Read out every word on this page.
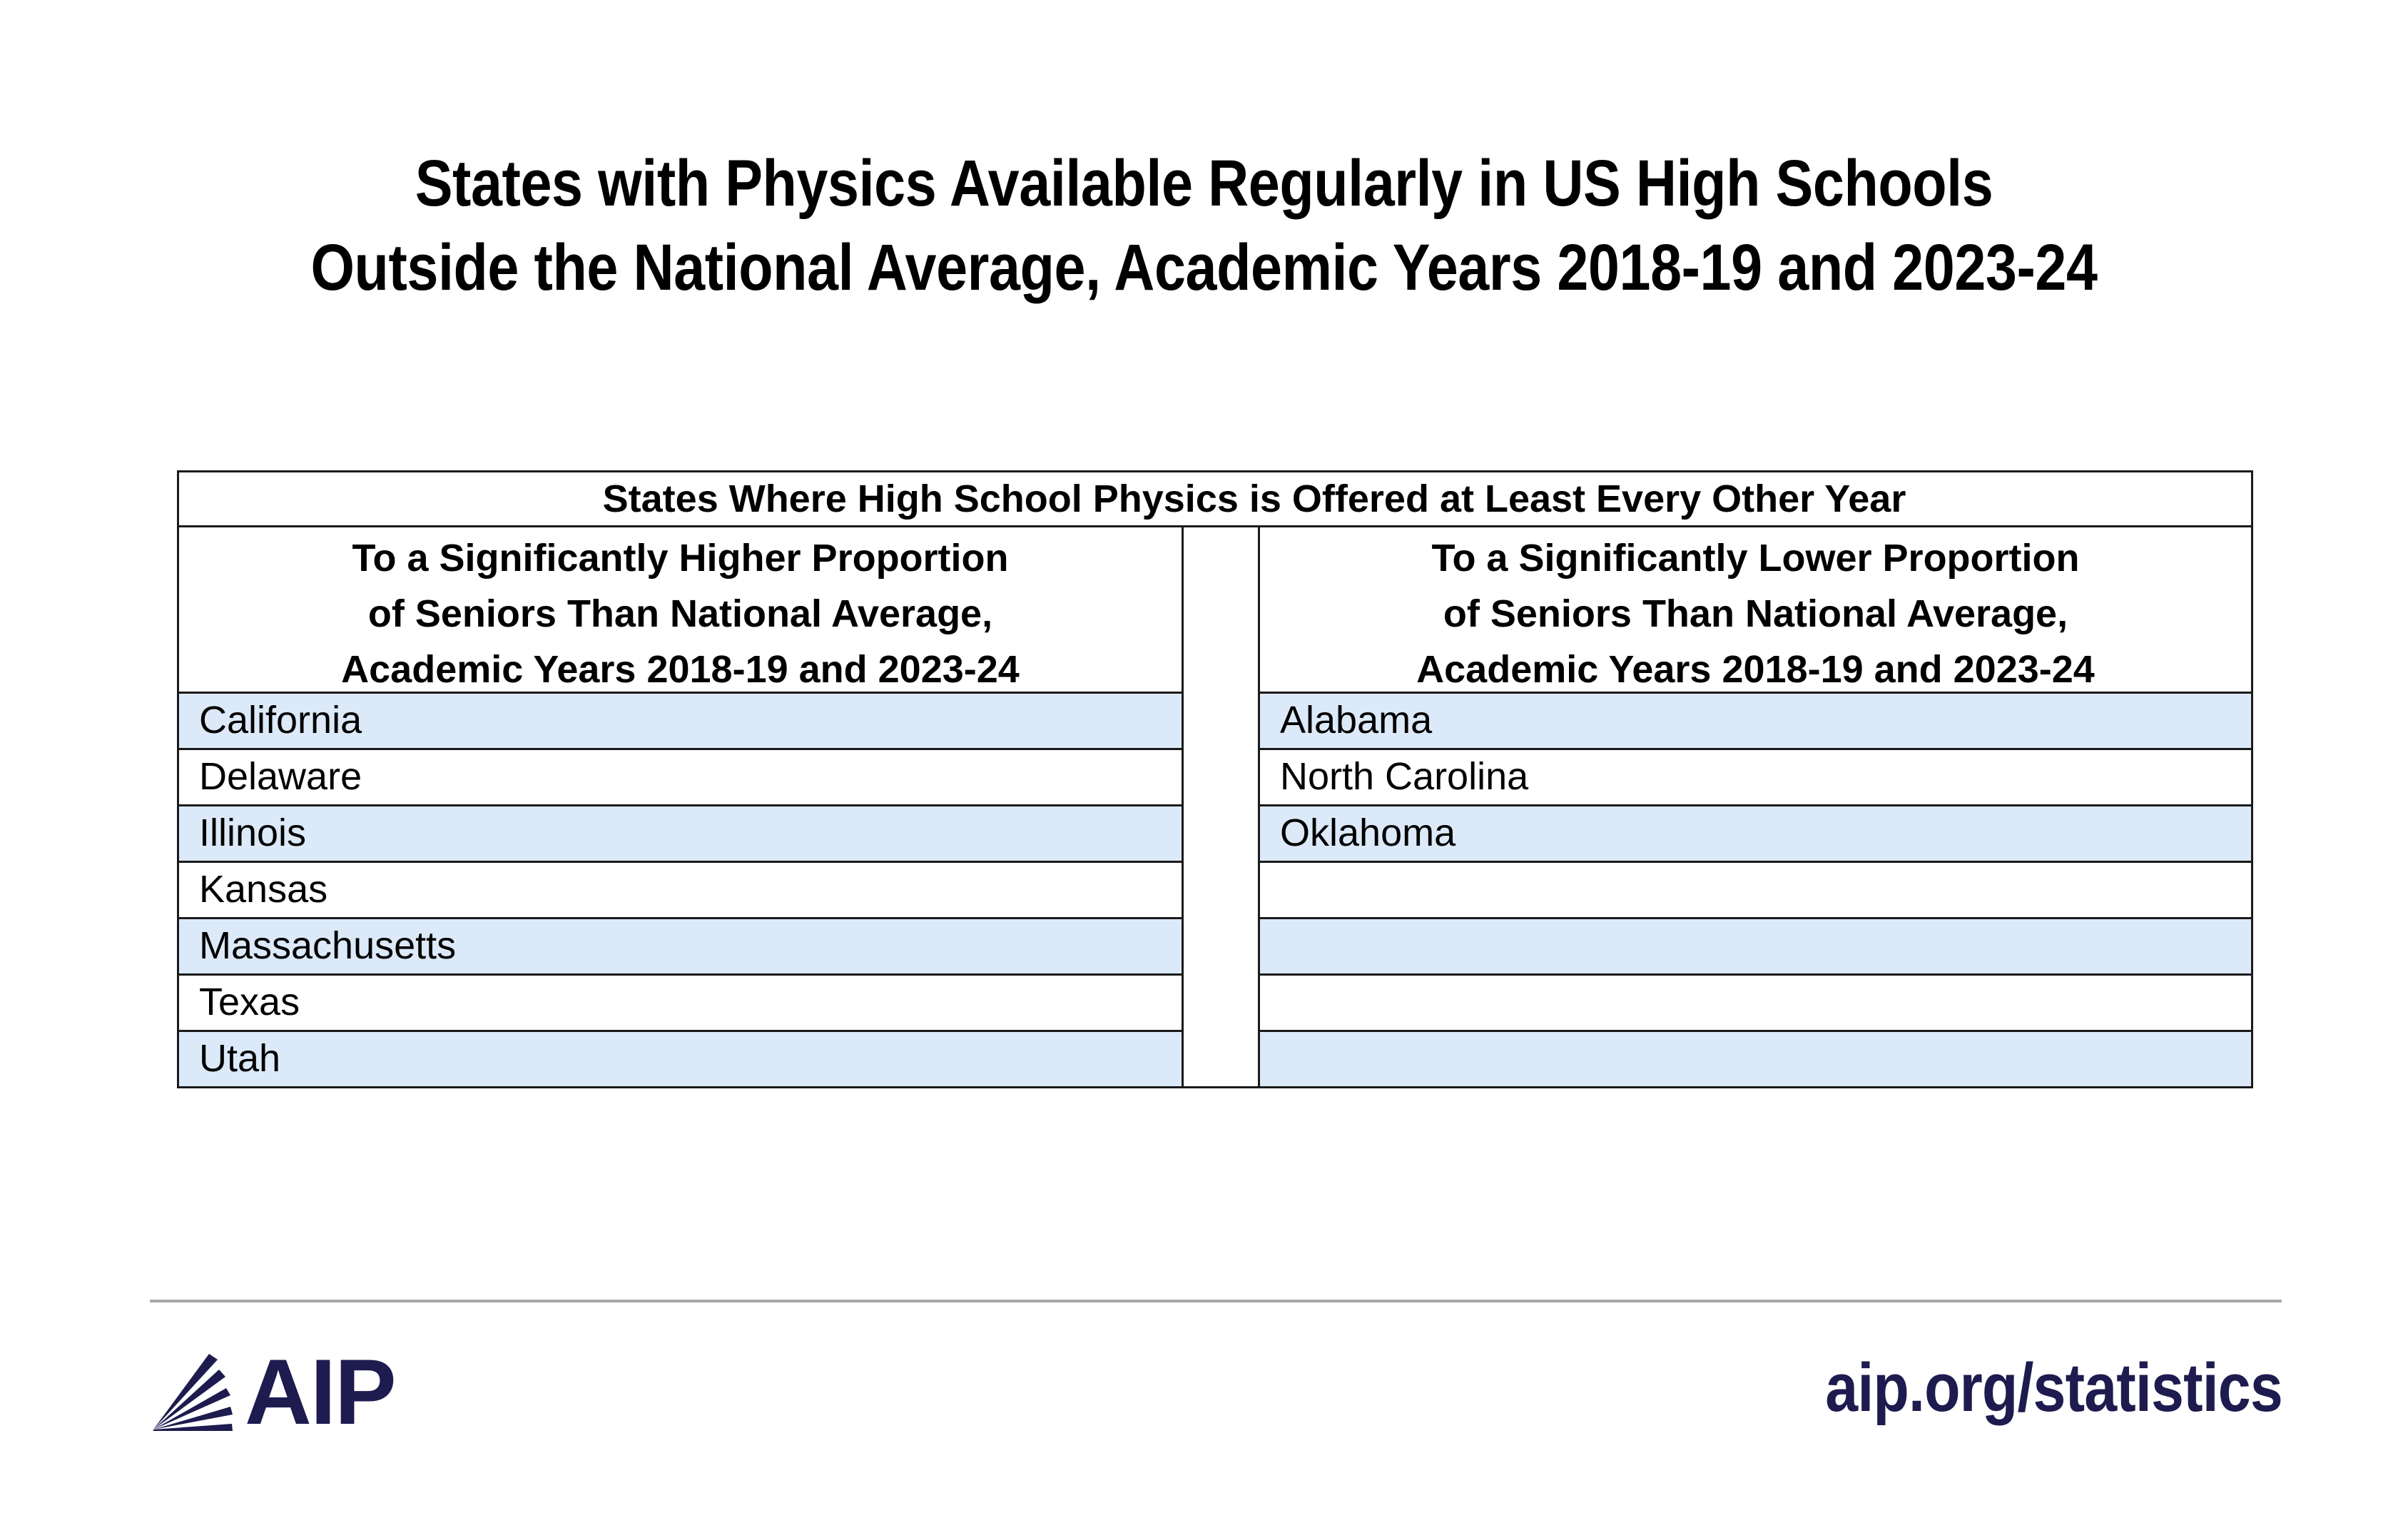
States with Physics Available Regularly in US High Schools
Outside the National Average, Academic Years 2018-19 and 2023-24
States Where High School Physics is Offered at Least Every Other Year
To a Significantly Higher Proportion
of Seniors Than National Average,
Academic Years 2018-19 and 2023-24
To a Significantly Lower Proportion
of Seniors Than National Average,
Academic Years 2018-19 and 2023-24
California
Delaware
Illinois
Kansas
Massachusetts
Texas
Utah
Alabama
North Carolina
Oklahoma
AIP	aip.org/statistics
